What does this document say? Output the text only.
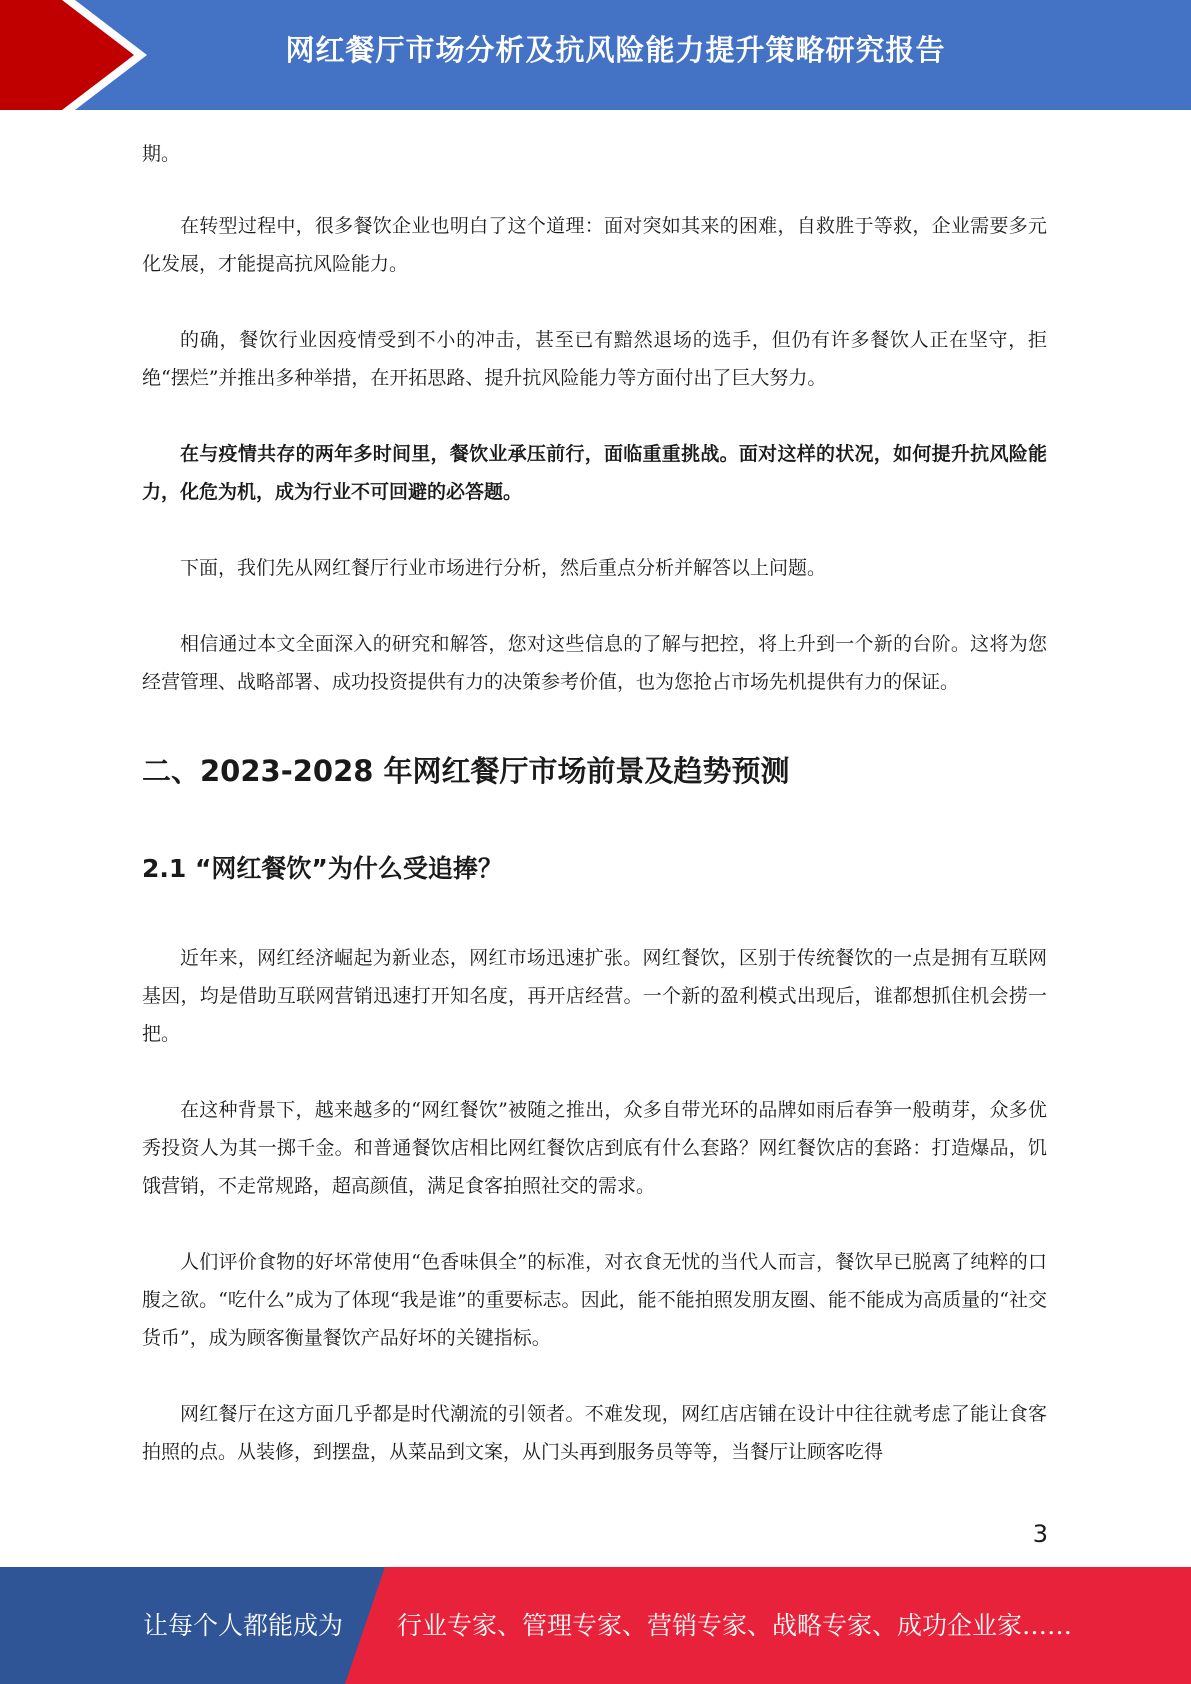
网红餐厅市场分析及抗风险能力提升策略研究报告

期。

在转型过程中，很多餐饮企业也明白了这个道理：面对突如其来的困难，自救胜于等救，企业需要多元化发展，才能提高抗风险能力。

的确，餐饮行业因疫情受到不小的冲击，甚至已有黯然退场的选手，但仍有许多餐饮人正在坚守，拒绝“摆烂”并推出多种举措，在开拓思路、提升抗风险能力等方面付出了巨大努力。

在与疫情共存的两年多时间里，餐饮业承压前行，面临重重挑战。面对这样的状况，如何提升抗风险能力，化危为机，成为行业不可回避的必答题。

下面，我们先从网红餐厅行业市场进行分析，然后重点分析并解答以上问题。

相信通过本文全面深入的研究和解答，您对这些信息的了解与把控，将上升到一个新的台阶。这将为您经营管理、战略部署、成功投资提供有力的决策参考价值，也为您抢占市场先机提供有力的保证。

二、2023-2028 年网红餐厅市场前景及趋势预测
2.1 “网红餐饮”为什么受追捧？

近年来，网红经济崛起为新业态，网红市场迅速扩张。网红餐饮，区别于传统餐饮的一点是拥有互联网基因，均是借助互联网营销迅速打开知名度，再开店经营。一个新的盈利模式出现后，谁都想抓住机会捞一把。

在这种背景下，越来越多的“网红餐饮”被随之推出，众多自带光环的品牌如雨后春笋一般萌芽，众多优秀投资人为其一掷千金。和普通餐饮店相比网红餐饮店到底有什么套路？网红餐饮店的套路：打造爆品，饥饿营销，不走常规路，超高颜值，满足食客拍照社交的需求。

人们评价食物的好坏常使用“色香味俱全”的标准，对衣食无忧的当代人而言，餐饮早已脱离了纯粹的口腹之欲。“吃什么”成为了体现“我是谁”的重要标志。因此，能不能拍照发朋友圈、能不能成为高质量的“社交货币”，成为顾客衡量餐饮产品好坏的关键指标。

网红餐厅在这方面几乎都是时代潮流的引领者。不难发现，网红店店铺在设计中往往就考虑了能让食客拍照的点。从装修，到摆盘，从菜品到文案，从门头再到服务员等等，当餐厅让顾客吃得

3
让每个人都能成为 行业专家、管理专家、营销专家、战略专家、成功企业家……
